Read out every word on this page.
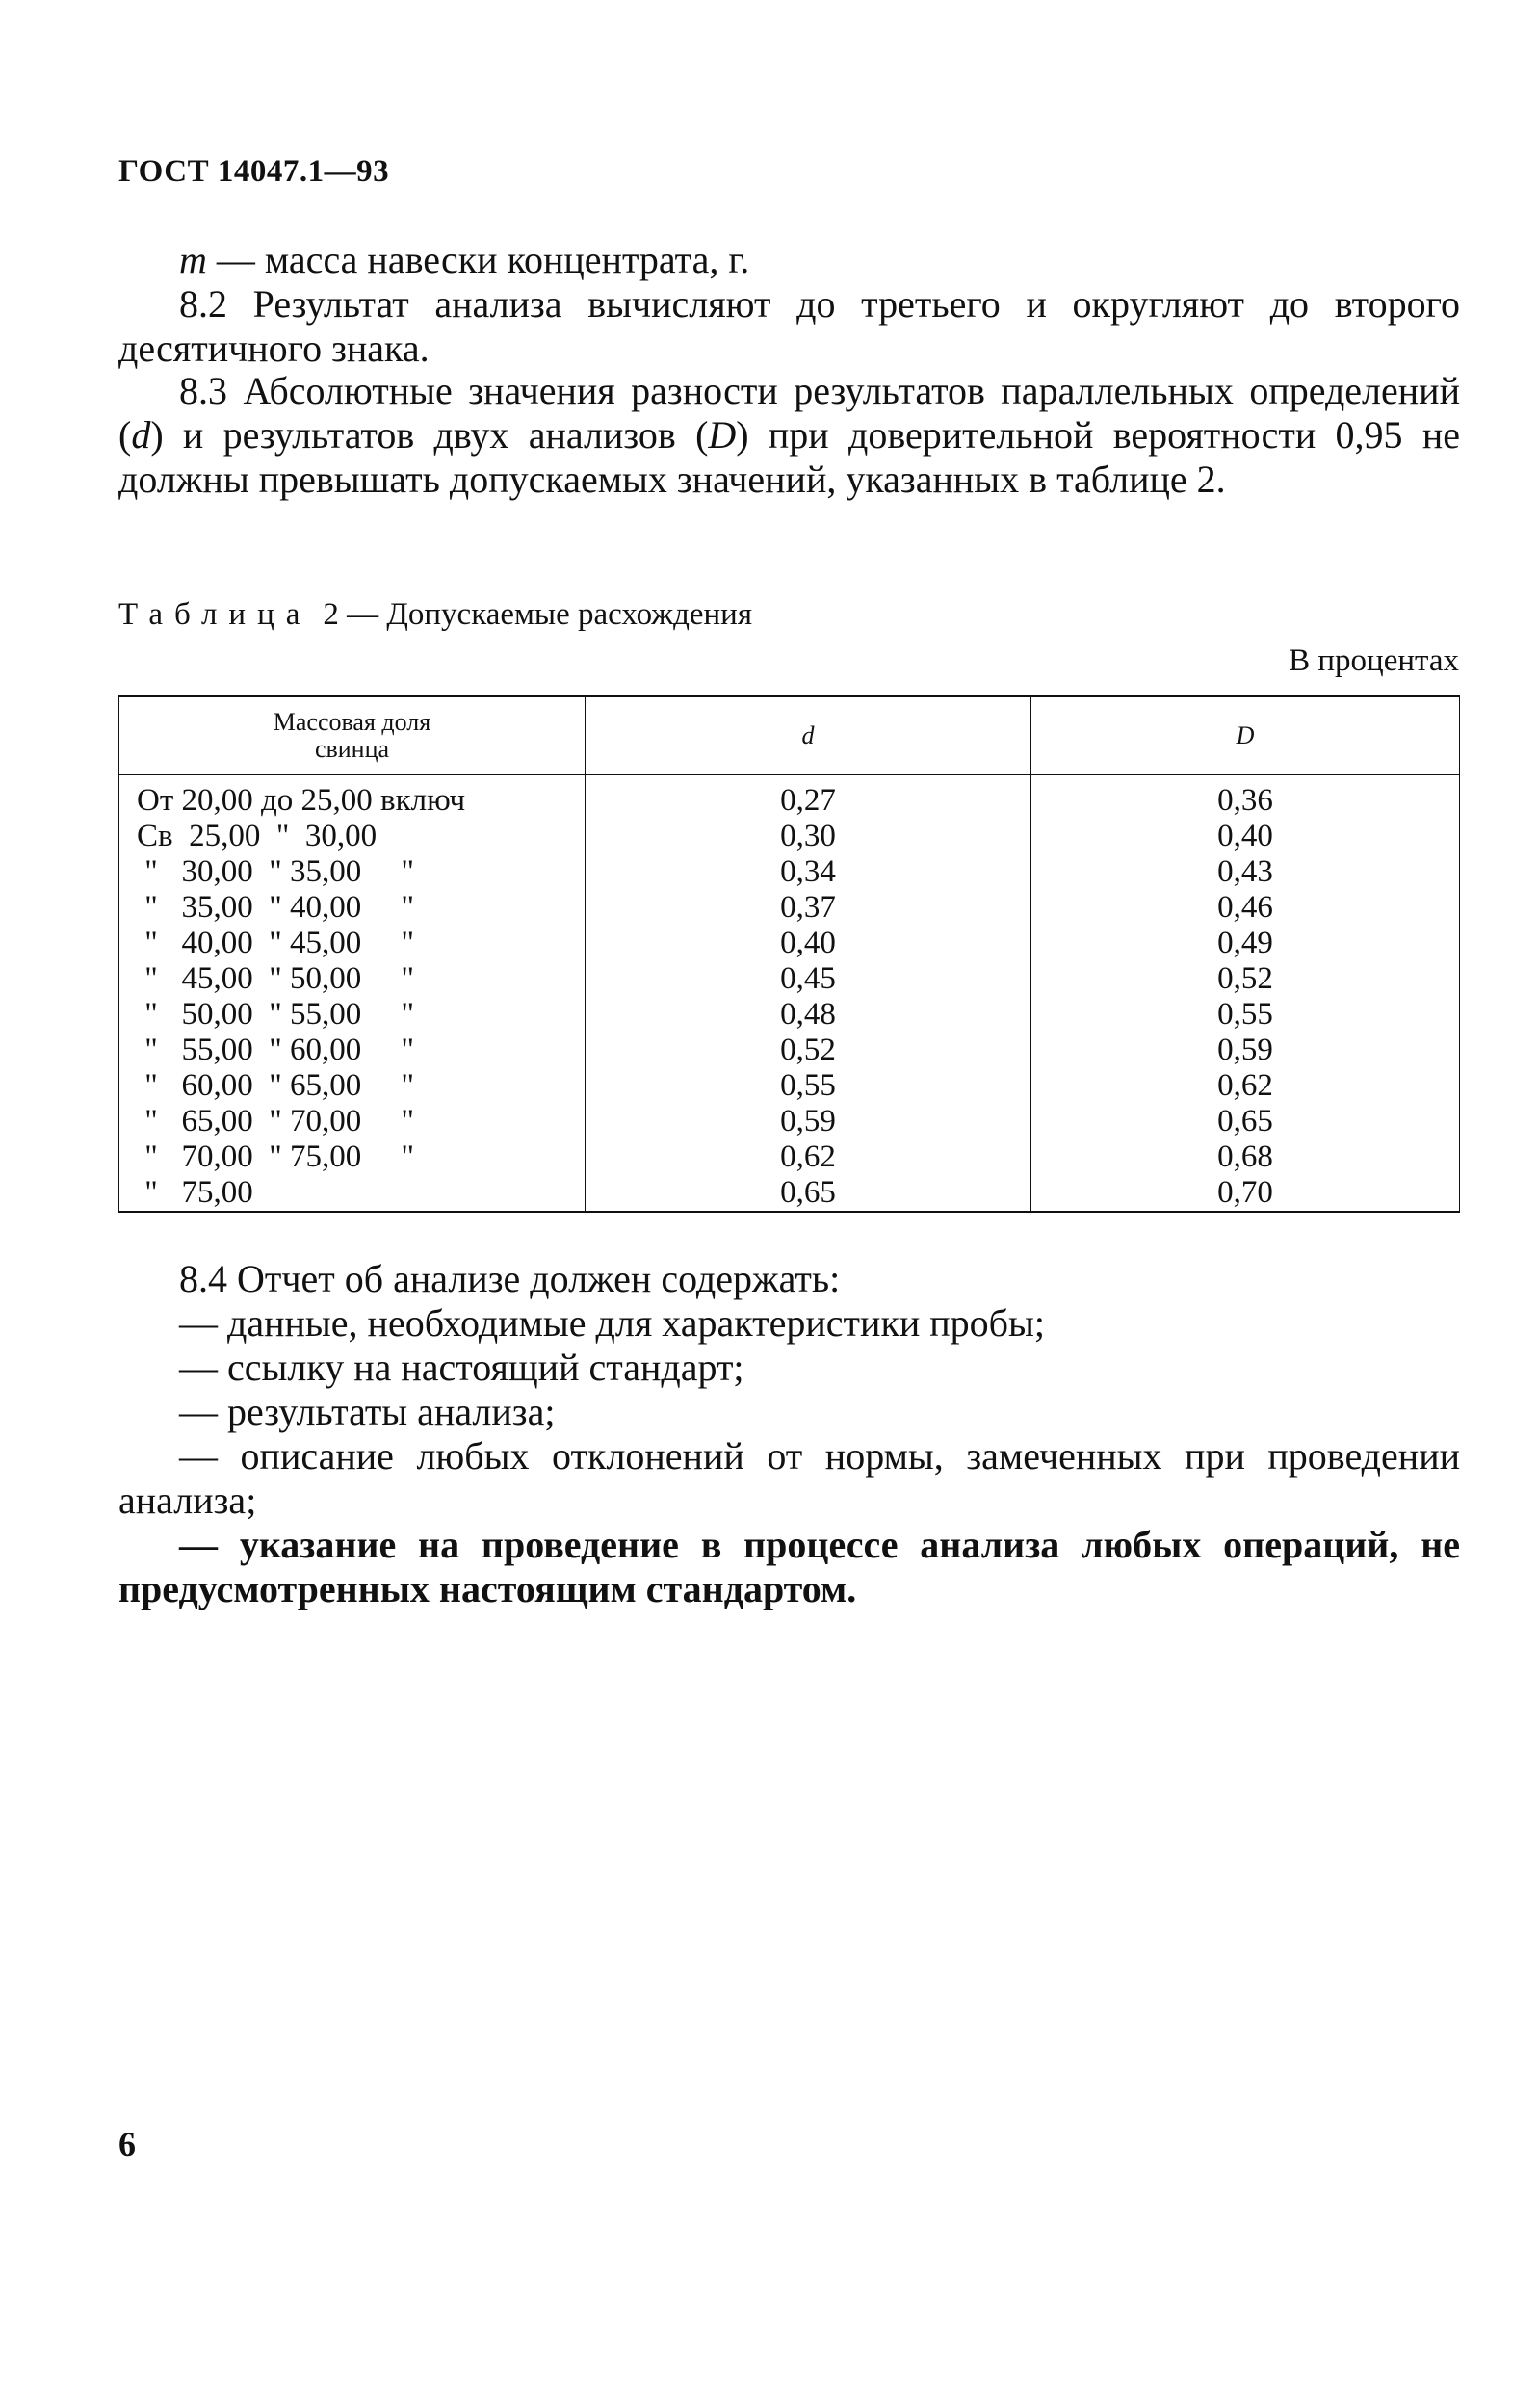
ГОСТ 14047.1—93

m — масса навески концентрата, г.

8.2 Результат анализа вычисляют до третьего и округляют до второго десятичного знака.

8.3 Абсолютные значения разности результатов параллельных определений (d) и результатов двух анализов (D) при доверительной вероятности 0,95 не должны превышать допускаемых значений, указанных в таблице 2.

Таблица 2 — Допускаемые расхождения
В процентах
Массовая доля
свинца	d	D
От 20,00 до 25,00 включ	0,27	0,36
Св  25,00  "  30,00	0,30	0,40
"   30,00  " 35,00     "	0,34	0,43
"   35,00  " 40,00     "	0,37	0,46
"   40,00  " 45,00     "	0,40	0,49
"   45,00  " 50,00     "	0,45	0,52
"   50,00  " 55,00     "	0,48	0,55
"   55,00  " 60,00     "	0,52	0,59
"   60,00  " 65,00     "	0,55	0,62
"   65,00  " 70,00     "	0,59	0,65
"   70,00  " 75,00     "	0,62	0,68
"   75,00	0,65	0,70

8.4 Отчет об анализе должен содержать:

— данные, необходимые для характеристики пробы;

— ссылку на настоящий стандарт;

— результаты анализа;

— описание любых отклонений от нормы, замеченных при проведении анализа;

— указание на проведение в процессе анализа любых операций, не предусмотренных настоящим стандартом.

6
